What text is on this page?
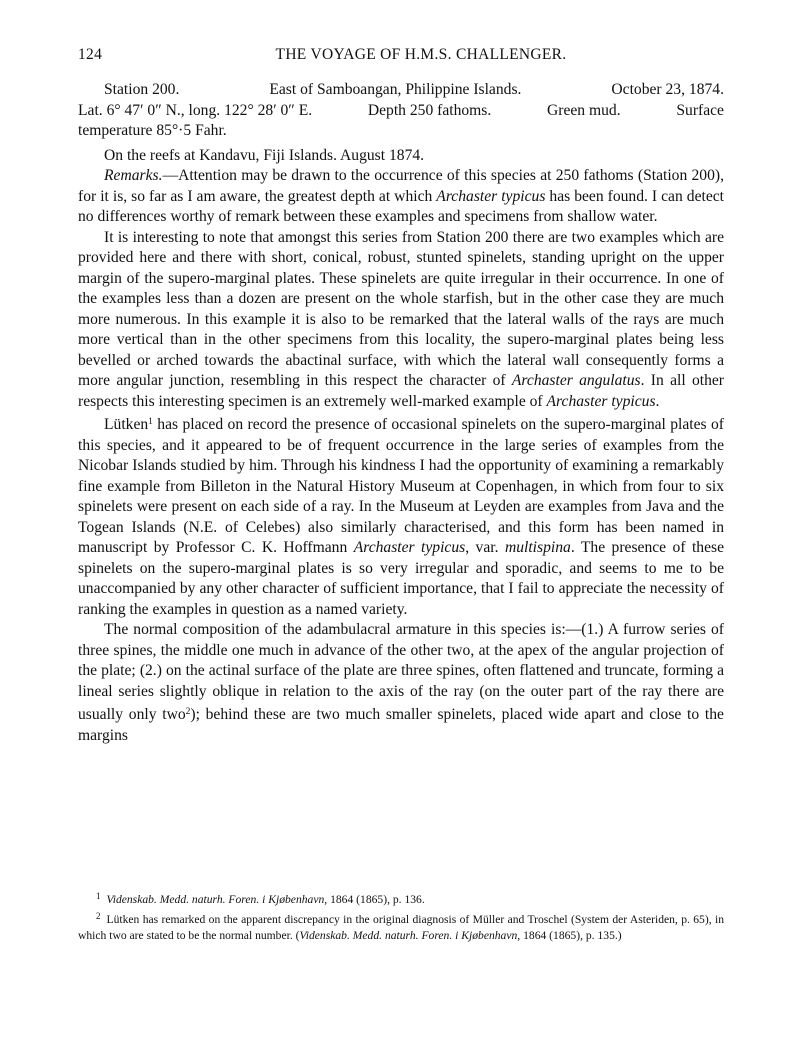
124	THE VOYAGE OF H.M.S. CHALLENGER.
Station 200.	East of Samboangan, Philippine Islands.	October 23, 1874.
Lat. 6° 47′ 0″ N., long. 122° 28′ 0″ E.	Depth 250 fathoms.	Green mud.	Surface
temperature 85°·5 Fahr.
On the reefs at Kandavu, Fiji Islands. August 1874.

Remarks.—Attention may be drawn to the occurrence of this species at 250 fathoms (Station 200), for it is, so far as I am aware, the greatest depth at which Archaster typicus has been found. I can detect no differences worthy of remark between these examples and specimens from shallow water.

It is interesting to note that amongst this series from Station 200 there are two examples which are provided here and there with short, conical, robust, stunted spinelets, standing upright on the upper margin of the supero-marginal plates. These spinelets are quite irregular in their occurrence. In one of the examples less than a dozen are present on the whole starfish, but in the other case they are much more numerous. In this example it is also to be remarked that the lateral walls of the rays are much more vertical than in the other specimens from this locality, the supero-marginal plates being less bevelled or arched towards the abactinal surface, with which the lateral wall consequently forms a more angular junction, resembling in this respect the character of Archaster angulatus. In all other respects this interesting specimen is an extremely well-marked example of Archaster typicus.

Lütken$^1$ has placed on record the presence of occasional spinelets on the supero-marginal plates of this species, and it appeared to be of frequent occurrence in the large series of examples from the Nicobar Islands studied by him. Through his kindness I had the opportunity of examining a remarkably fine example from Billeton in the Natural History Museum at Copenhagen, in which from four to six spinelets were present on each side of a ray. In the Museum at Leyden are examples from Java and the Togean Islands (N.E. of Celebes) also similarly characterised, and this form has been named in manuscript by Professor C. K. Hoffmann Archaster typicus, var. multispina. The presence of these spinelets on the supero-marginal plates is so very irregular and sporadic, and seems to me to be unaccompanied by any other character of sufficient importance, that I fail to appreciate the necessity of ranking the examples in question as a named variety.

The normal composition of the adambulacral armature in this species is:—(1.) A furrow series of three spines, the middle one much in advance of the other two, at the apex of the angular projection of the plate; (2.) on the actinal surface of the plate are three spines, often flattened and truncate, forming a lineal series slightly oblique in relation to the axis of the ray (on the outer part of the ray there are usually only two$^2$); behind these are two much smaller spinelets, placed wide apart and close to the margins

$^1$ Videnskab. Medd. naturh. Foren. i Kjøbenhavn, 1864 (1865), p. 136.

$^2$ Lütken has remarked on the apparent discrepancy in the original diagnosis of Müller and Troschel (System der Asteriden, p. 65), in which two are stated to be the normal number. (Videnskab. Medd. naturh. Foren. i Kjøbenhavn, 1864 (1865), p. 135.)
